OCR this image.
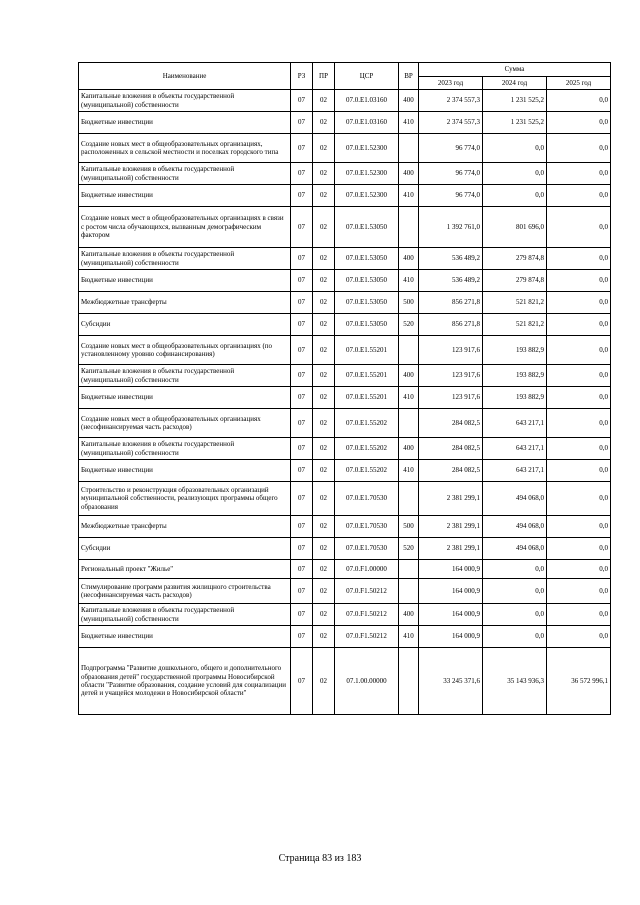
Наименование	РЗ	ПР	ЦСР	ВР	Сумма		
					2023 год	2024 год	2025 год
Капитальные вложения в объекты государственной (муниципальной) собственности	07	02	07.0.E1.03160	400	2 374 557,3	1 231 525,2	0,0
Бюджетные инвестиции	07	02	07.0.E1.03160	410	2 374 557,3	1 231 525,2	0,0
Создание новых мест в общеобразовательных организациях, расположенных в сельской местности и поселках городского типа	07	02	07.0.E1.52300		96 774,0	0,0	0,0
Капитальные вложения в объекты государственной (муниципальной) собственности	07	02	07.0.E1.52300	400	96 774,0	0,0	0,0
Бюджетные инвестиции	07	02	07.0.E1.52300	410	96 774,0	0,0	0,0
Создание новых мест в общеобразовательных организациях в связи с ростом числа обучающихся, вызванным демографическим фактором	07	02	07.0.E1.53050		1 392 761,0	801 696,0	0,0
Капитальные вложения в объекты государственной (муниципальной) собственности	07	02	07.0.E1.53050	400	536 489,2	279 874,8	0,0
Бюджетные инвестиции	07	02	07.0.E1.53050	410	536 489,2	279 874,8	0,0
Межбюджетные трансферты	07	02	07.0.E1.53050	500	856 271,8	521 821,2	0,0
Субсидии	07	02	07.0.E1.53050	520	856 271,8	521 821,2	0,0
Создание новых мест в общеобразовательных организациях (по установленному уровню софинансирования)	07	02	07.0.E1.55201		123 917,6	193 882,9	0,0
Капитальные вложения в объекты государственной (муниципальной) собственности	07	02	07.0.E1.55201	400	123 917,6	193 882,9	0,0
Бюджетные инвестиции	07	02	07.0.E1.55201	410	123 917,6	193 882,9	0,0
Создание новых мест в общеобразовательных организациях (несофинансируемая часть расходов)	07	02	07.0.E1.55202		284 082,5	643 217,1	0,0
Капитальные вложения в объекты государственной (муниципальной) собственности	07	02	07.0.E1.55202	400	284 082,5	643 217,1	0,0
Бюджетные инвестиции	07	02	07.0.E1.55202	410	284 082,5	643 217,1	0,0
Строительство и реконструкция образовательных организаций муниципальной собственности, реализующих программы общего образования	07	02	07.0.E1.70530		2 381 299,1	494 068,0	0,0
Межбюджетные трансферты	07	02	07.0.E1.70530	500	2 381 299,1	494 068,0	0,0
Субсидии	07	02	07.0.E1.70530	520	2 381 299,1	494 068,0	0,0
Региональный проект "Жилье"	07	02	07.0.F1.00000		164 000,9	0,0	0,0
Стимулирование программ развития жилищного строительства (несофинансируемая часть расходов)	07	02	07.0.F1.50212		164 000,9	0,0	0,0
Капитальные вложения в объекты государственной (муниципальной) собственности	07	02	07.0.F1.50212	400	164 000,9	0,0	0,0
Бюджетные инвестиции	07	02	07.0.F1.50212	410	164 000,9	0,0	0,0
Подпрограмма "Развитие дошкольного, общего и дополнительного образования детей" государственной программы Новосибирской области "Развитие образования, создание условий для социализации детей и учащейся молодежи в Новосибирской области"	07	02	07.1.00.00000		33 245 371,6	35 143 936,3	36 572 996,1
Страница 83 из 183
